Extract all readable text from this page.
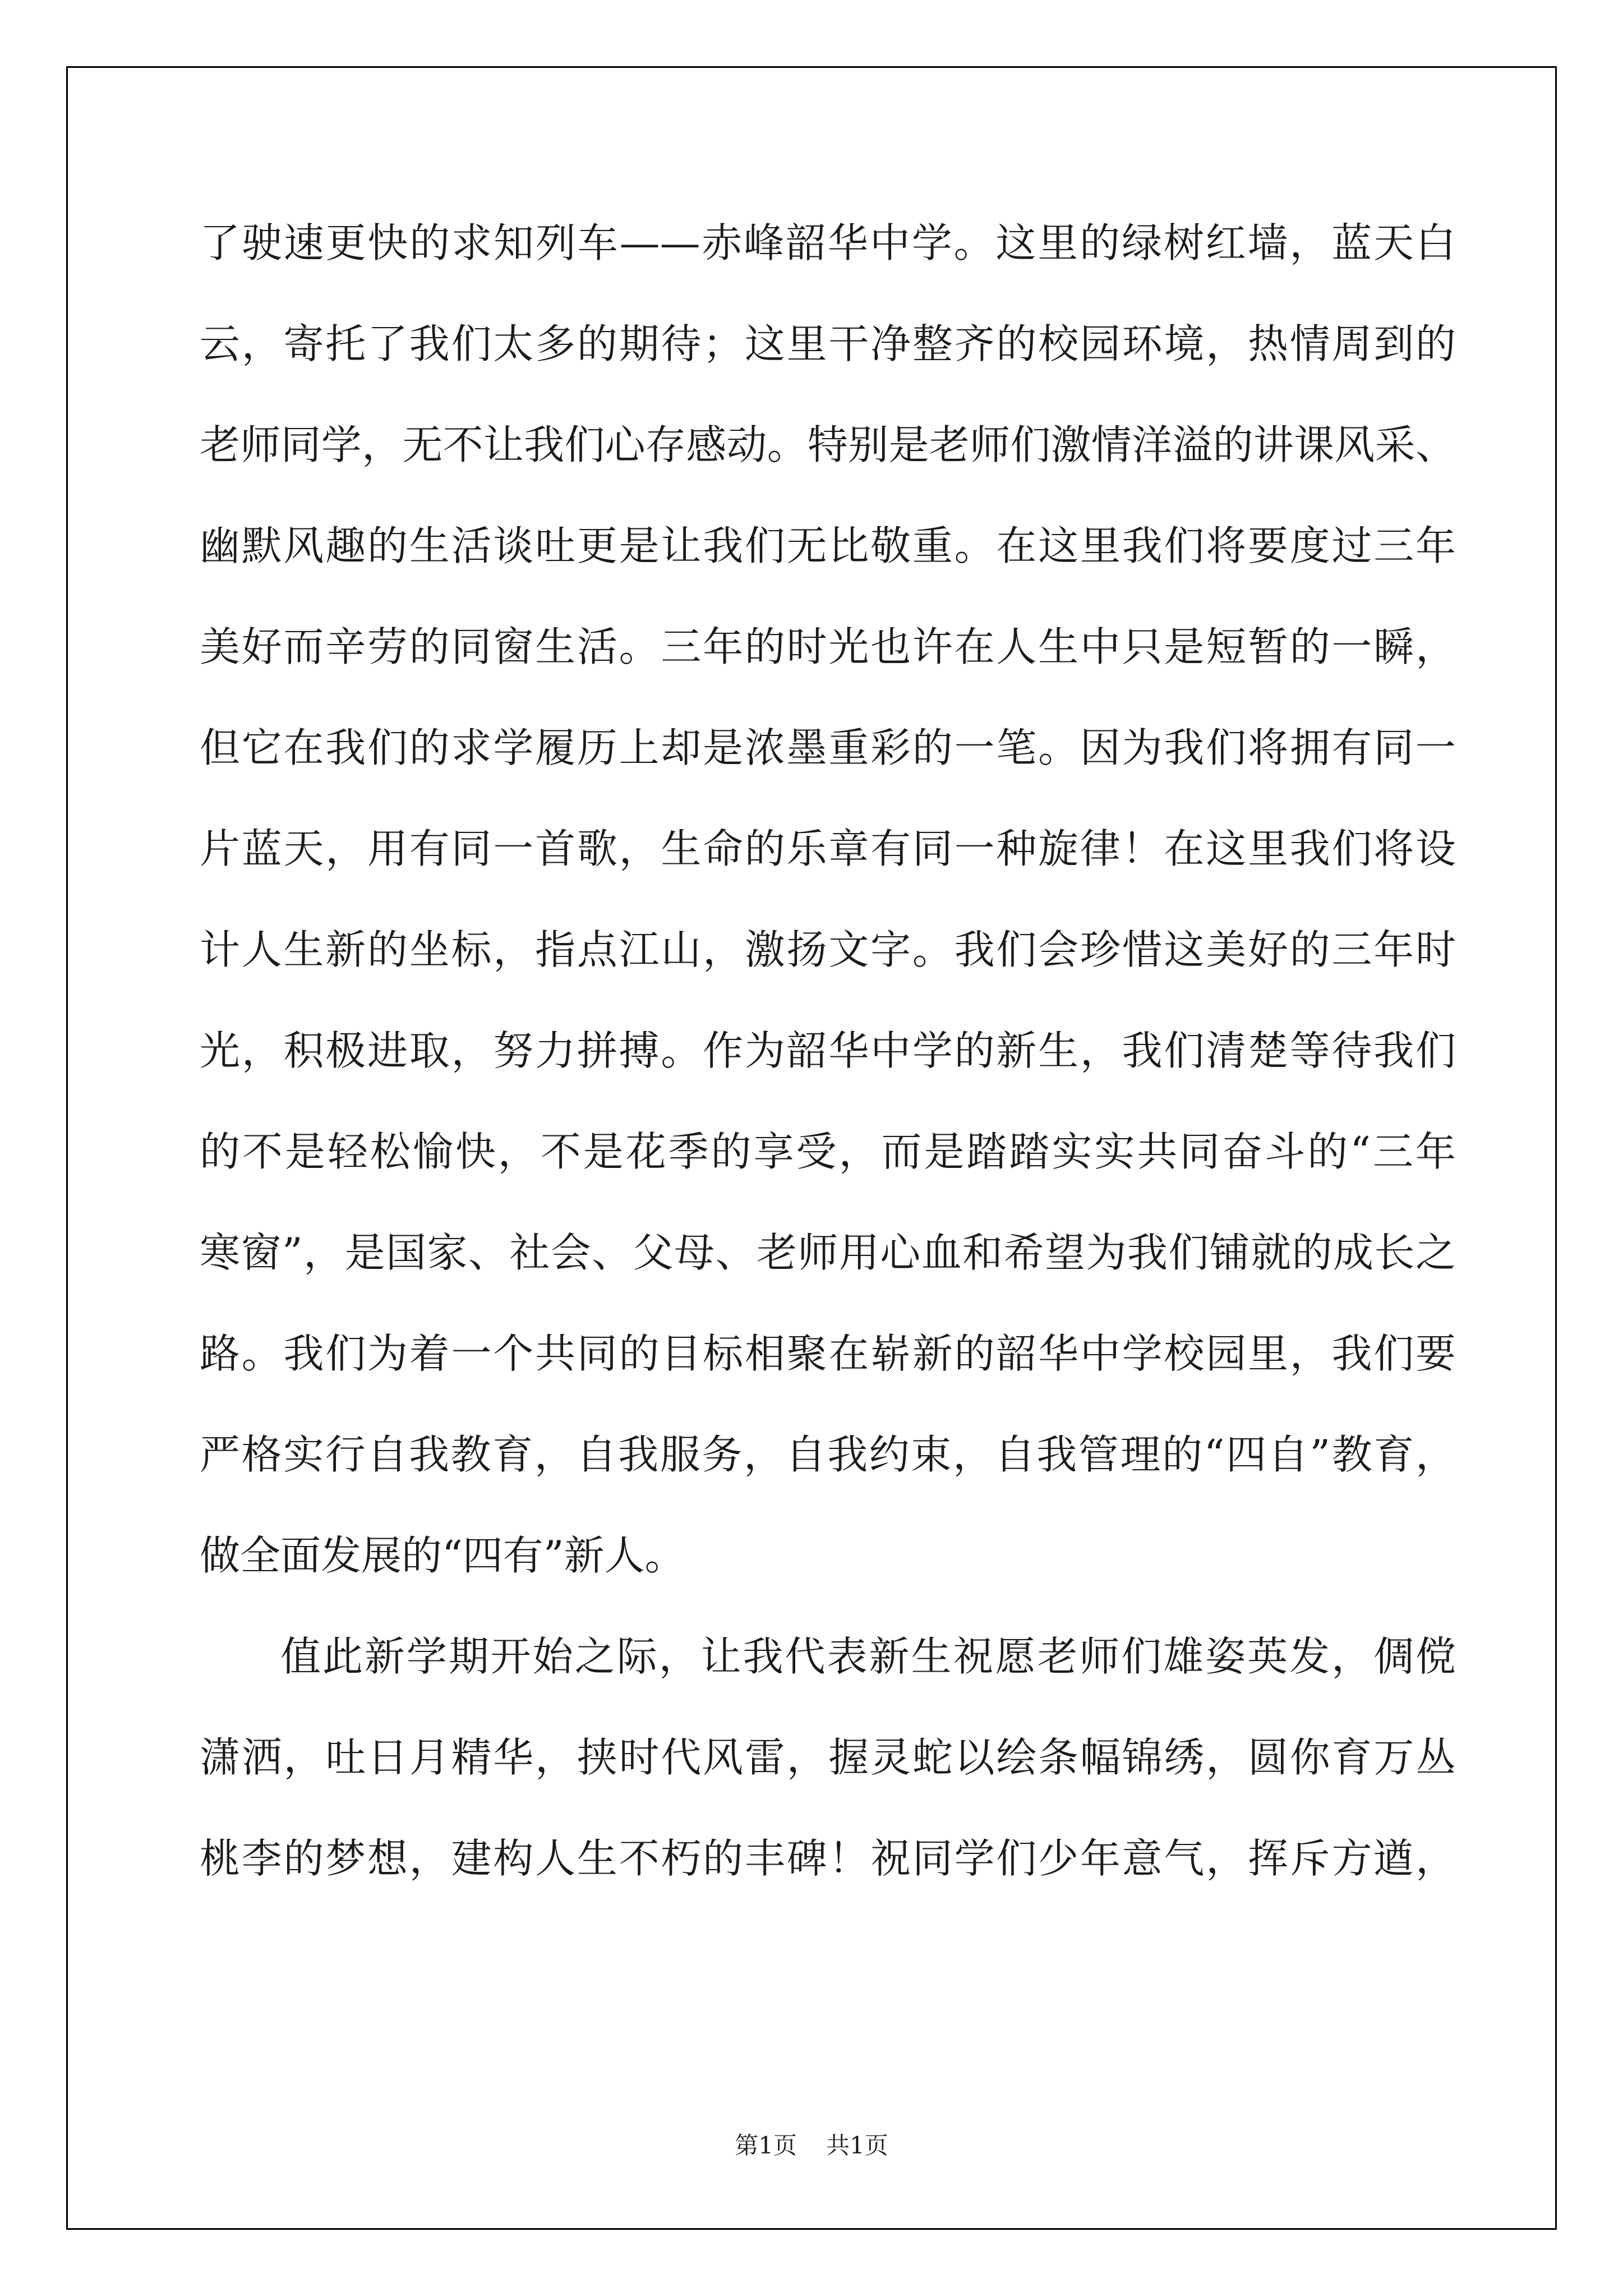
了驶速更快的求知列车——赤峰韶华中学。这里的绿树红墙，蓝天白
云，寄托了我们太多的期待；这里干净整齐的校园环境，热情周到的
老师同学，无不让我们心存感动。特别是老师们激情洋溢的讲课风采、
幽默风趣的生活谈吐更是让我们无比敬重。在这里我们将要度过三年
美好而辛劳的同窗生活。三年的时光也许在人生中只是短暂的一瞬，
但它在我们的求学履历上却是浓墨重彩的一笔。因为我们将拥有同一
片蓝天，用有同一首歌，生命的乐章有同一种旋律！在这里我们将设
计人生新的坐标，指点江山，激扬文字。我们会珍惜这美好的三年时
光，积极进取，努力拼搏。作为韶华中学的新生，我们清楚等待我们
的不是轻松愉快，不是花季的享受，而是踏踏实实共同奋斗的“三年
寒窗”，是国家、社会、父母、老师用心血和希望为我们铺就的成长之
路。我们为着一个共同的目标相聚在崭新的韶华中学校园里，我们要
严格实行自我教育，自我服务，自我约束，自我管理的“四自”教育，
做全面发展的“四有”新人。
值此新学期开始之际，让我代表新生祝愿老师们雄姿英发，倜傥
潇洒，吐日月精华，挟时代风雷，握灵蛇以绘条幅锦绣，圆你育万丛
桃李的梦想，建构人生不朽的丰碑！祝同学们少年意气，挥斥方遒，
第1页 共1页
